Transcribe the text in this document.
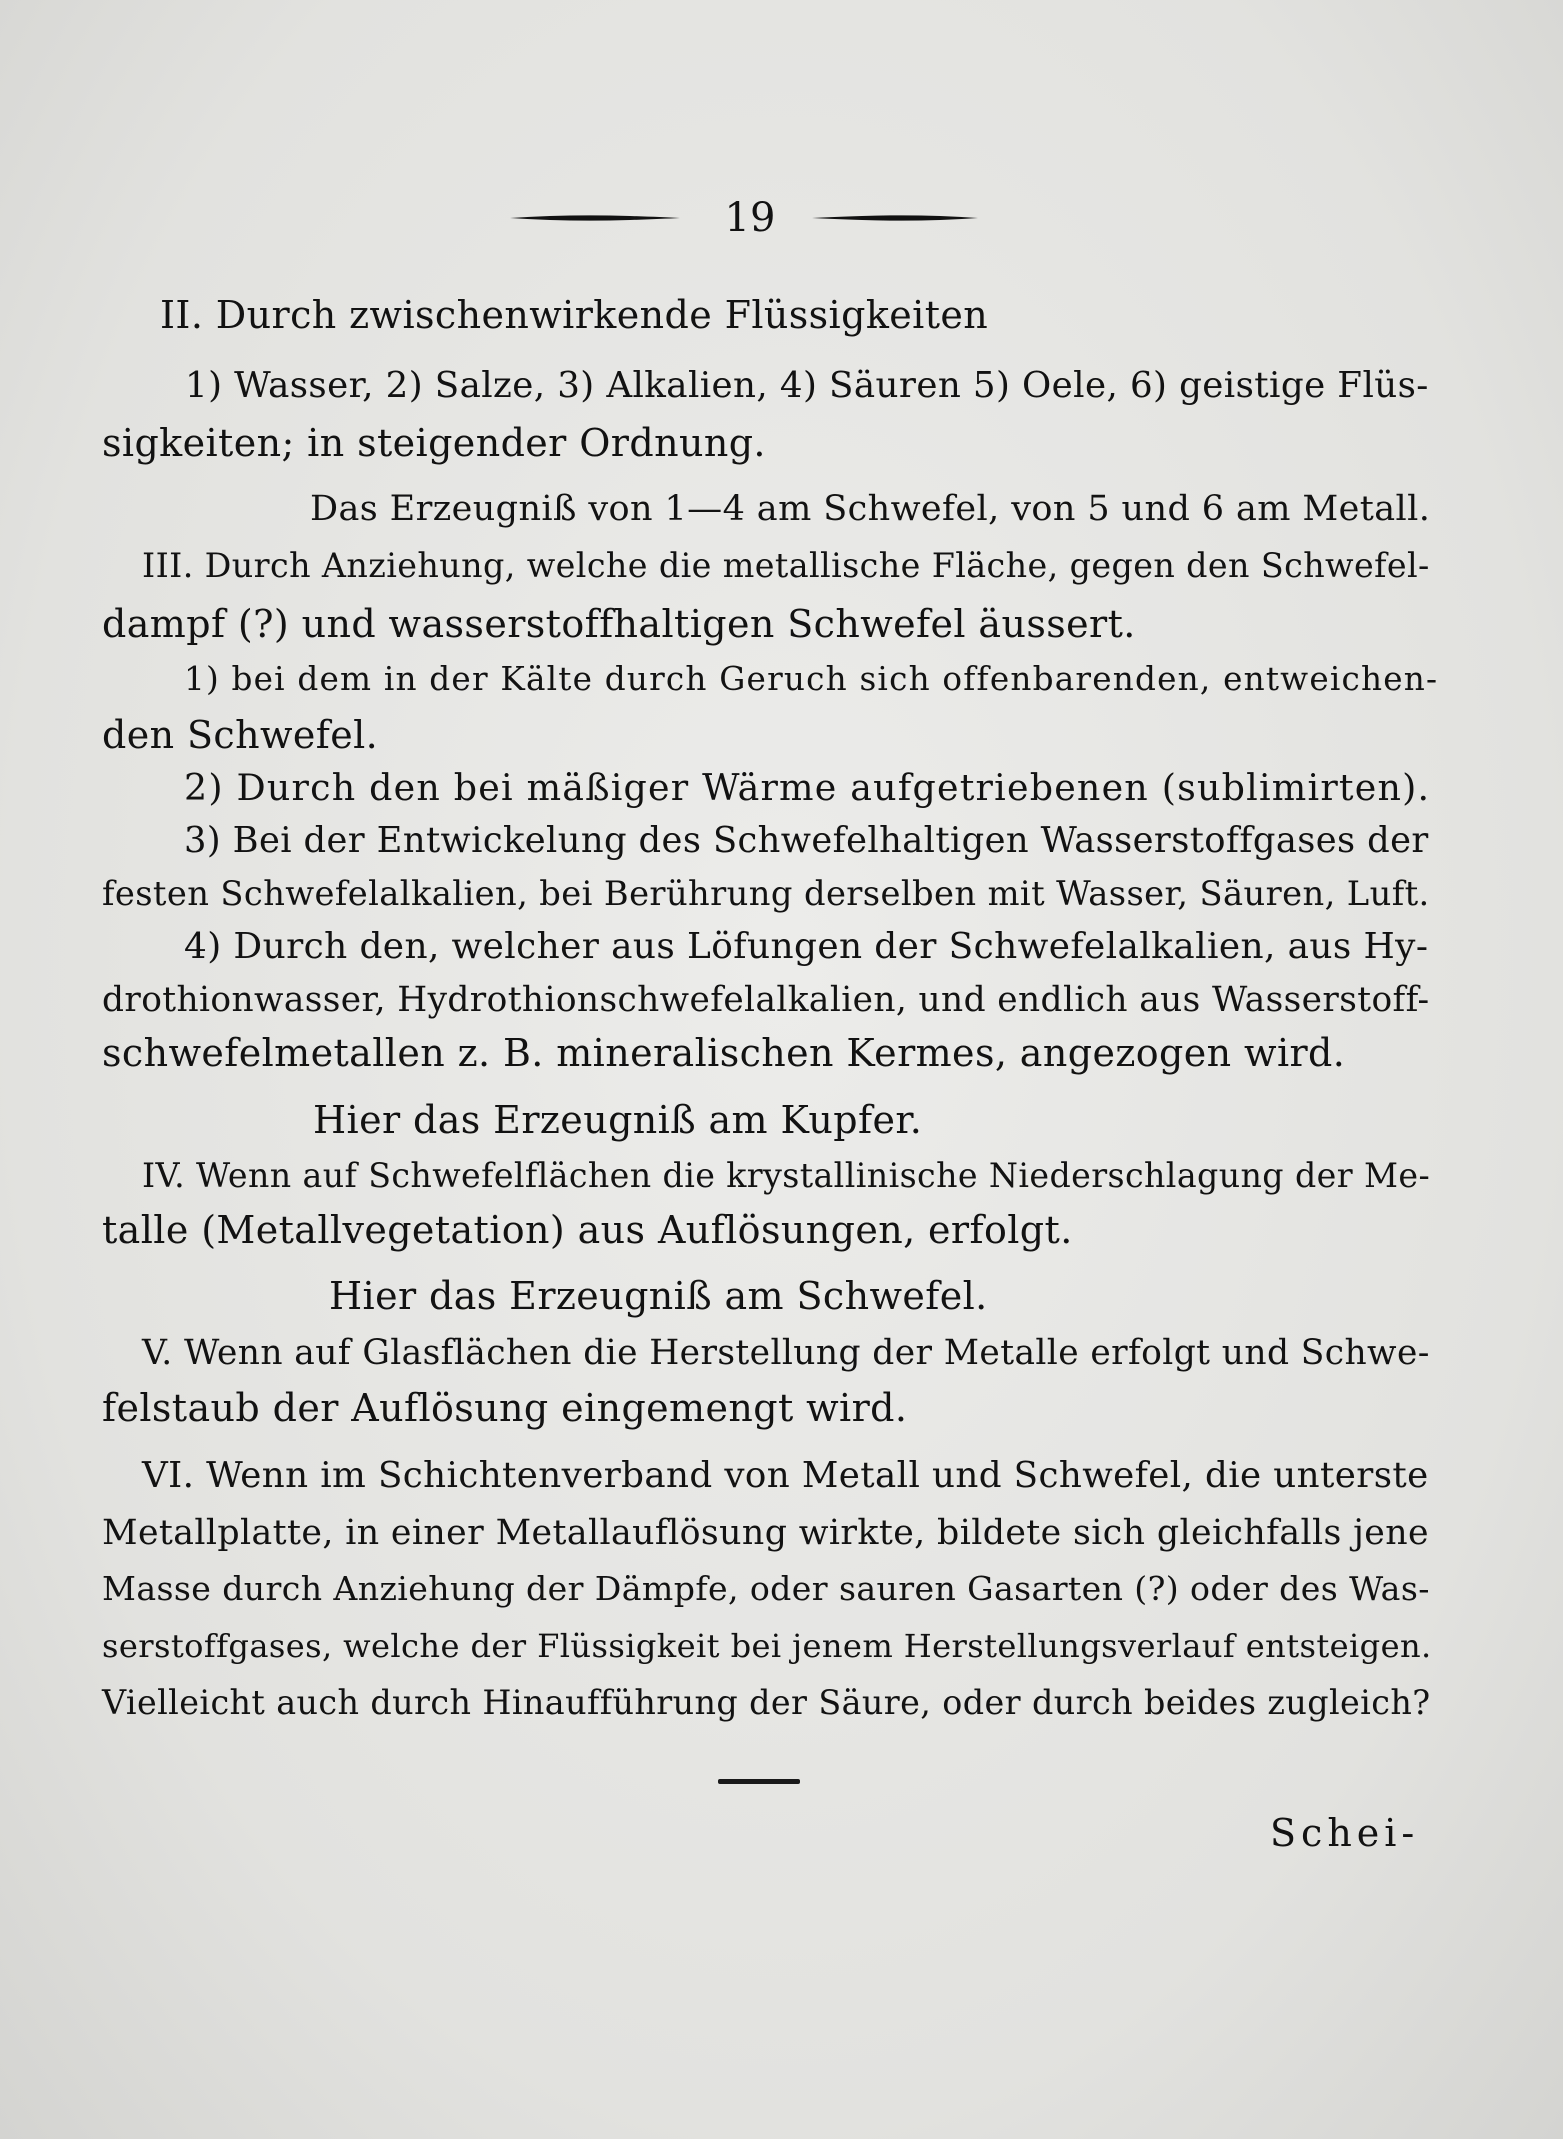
19
II. Durch zwischenwirkende Flüssigkeiten
1) Wasser, 2) Salze, 3) Alkalien, 4) Säuren 5) Oele, 6) geistige Flüs-
sigkeiten; in steigender Ordnung.
Das Erzeugniß von 1—4 am Schwefel, von 5 und 6 am Metall.
III. Durch Anziehung, welche die metallische Fläche, gegen den Schwefel-
dampf (?) und wasserstoffhaltigen Schwefel äussert.
1) bei dem in der Kälte durch Geruch sich offenbarenden, entweichen-
den Schwefel.
2) Durch den bei mäßiger Wärme aufgetriebenen (sublimirten).
3) Bei der Entwickelung des Schwefelhaltigen Wasserstoffgases der
festen Schwefelalkalien, bei Berührung derselben mit Wasser, Säuren, Luft.
4) Durch den, welcher aus Löfungen der Schwefelalkalien, aus Hy-
drothionwasser, Hydrothionschwefelalkalien, und endlich aus Wasserstoff-
schwefelmetallen z. B. mineralischen Kermes, angezogen wird.
Hier das Erzeugniß am Kupfer.
IV. Wenn auf Schwefelflächen die krystallinische Niederschlagung der Me-
talle (Metallvegetation) aus Auflösungen, erfolgt.
Hier das Erzeugniß am Schwefel.
V. Wenn auf Glasflächen die Herstellung der Metalle erfolgt und Schwe-
felstaub der Auflösung eingemengt wird.
VI. Wenn im Schichtenverband von Metall und Schwefel, die unterste
Metallplatte, in einer Metallauflösung wirkte, bildete sich gleichfalls jene
Masse durch Anziehung der Dämpfe, oder sauren Gasarten (?) oder des Was-
serstoffgases, welche der Flüssigkeit bei jenem Herstellungsverlauf entsteigen.
Vielleicht auch durch Hinaufführung der Säure, oder durch beides zugleich?
Schei-
